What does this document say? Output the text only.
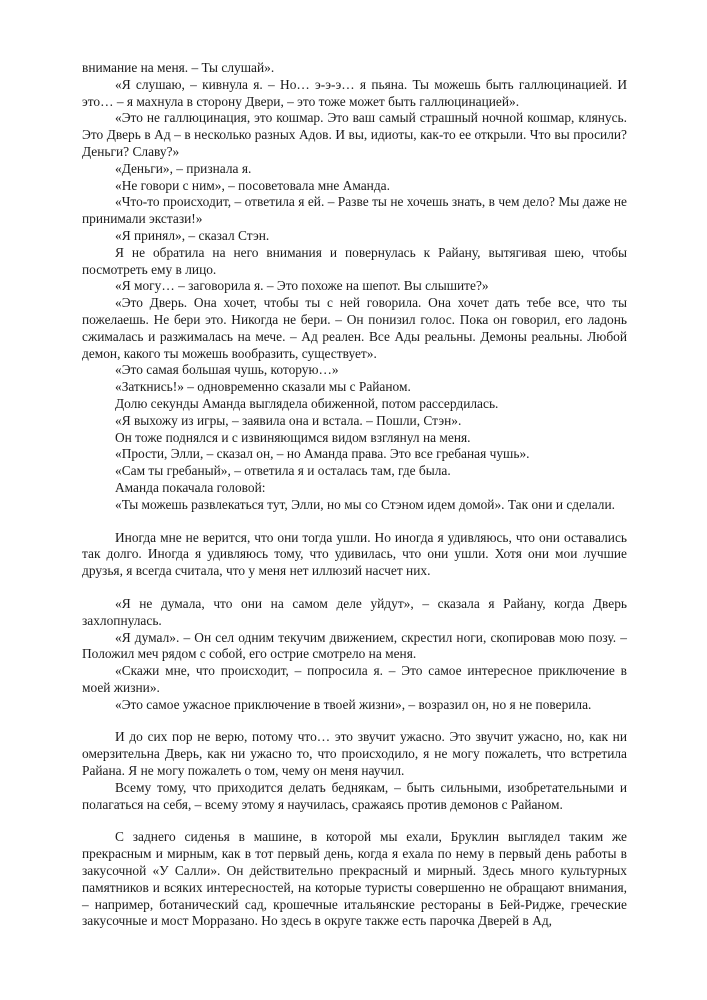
внимание на меня. – Ты слушай».

«Я слушаю, – кивнула я. – Но… э-э-э… я пьяна. Ты можешь быть галлюцинацией. И это… – я махнула в сторону Двери, – это тоже может быть галлюцинацией».

«Это не галлюцинация, это кошмар. Это ваш самый страшный ночной кошмар, клянусь. Это Дверь в Ад – в несколько разных Адов. И вы, идиоты, как-то ее открыли. Что вы просили? Деньги? Славу?»

«Деньги», – признала я.

«Не говори с ним», – посоветовала мне Аманда.

«Что-то происходит, – ответила я ей. – Разве ты не хочешь знать, в чем дело? Мы даже не принимали экстази!»

«Я принял», – сказал Стэн.

Я не обратила на него внимания и повернулась к Райану, вытягивая шею, чтобы посмотреть ему в лицо.

«Я могу… – заговорила я. – Это похоже на шепот. Вы слышите?»

«Это Дверь. Она хочет, чтобы ты с ней говорила. Она хочет дать тебе все, что ты пожелаешь. Не бери это. Никогда не бери. – Он понизил голос. Пока он говорил, его ладонь сжималась и разжималась на мече. – Ад реален. Все Ады реальны. Демоны реальны. Любой демон, какого ты можешь вообразить, существует».

«Это самая большая чушь, которую…»

«Заткнись!» – одновременно сказали мы с Райаном.

Долю секунды Аманда выглядела обиженной, потом рассердилась.

«Я выхожу из игры, – заявила она и встала. – Пошли, Стэн».

Он тоже поднялся и с извиняющимся видом взглянул на меня.

«Прости, Элли, – сказал он, – но Аманда права. Это все гребаная чушь».

«Сам ты гребаный», – ответила я и осталась там, где была.

Аманда покачала головой:

«Ты можешь развлекаться тут, Элли, но мы со Стэном идем домой». Так они и сделали.

Иногда мне не верится, что они тогда ушли. Но иногда я удивляюсь, что они оставались так долго. Иногда я удивляюсь тому, что удивилась, что они ушли. Хотя они мои лучшие друзья, я всегда считала, что у меня нет иллюзий насчет них.

«Я не думала, что они на самом деле уйдут», – сказала я Райану, когда Дверь захлопнулась.

«Я думал». – Он сел одним текучим движением, скрестил ноги, скопировав мою позу. – Положил меч рядом с собой, его острие смотрело на меня.

«Скажи мне, что происходит, – попросила я. – Это самое интересное приключение в моей жизни».

«Это самое ужасное приключение в твоей жизни», – возразил он, но я не поверила.

И до сих пор не верю, потому что… это звучит ужасно. Это звучит ужасно, но, как ни омерзительна Дверь, как ни ужасно то, что происходило, я не могу пожалеть, что встретила Райана. Я не могу пожалеть о том, чему он меня научил.

Всему тому, что приходится делать беднякам, – быть сильными, изобретательными и полагаться на себя, – всему этому я научилась, сражаясь против демонов с Райаном.

С заднего сиденья в машине, в которой мы ехали, Бруклин выглядел таким же прекрасным и мирным, как в тот первый день, когда я ехала по нему в первый день работы в закусочной «У Салли». Он действительно прекрасный и мирный. Здесь много культурных памятников и всяких интересностей, на которые туристы совершенно не обращают внимания, – например, ботанический сад, крошечные итальянские рестораны в Бей-Ридже, греческие закусочные и мост Морразано. Но здесь в округе также есть парочка Дверей в Ад,
